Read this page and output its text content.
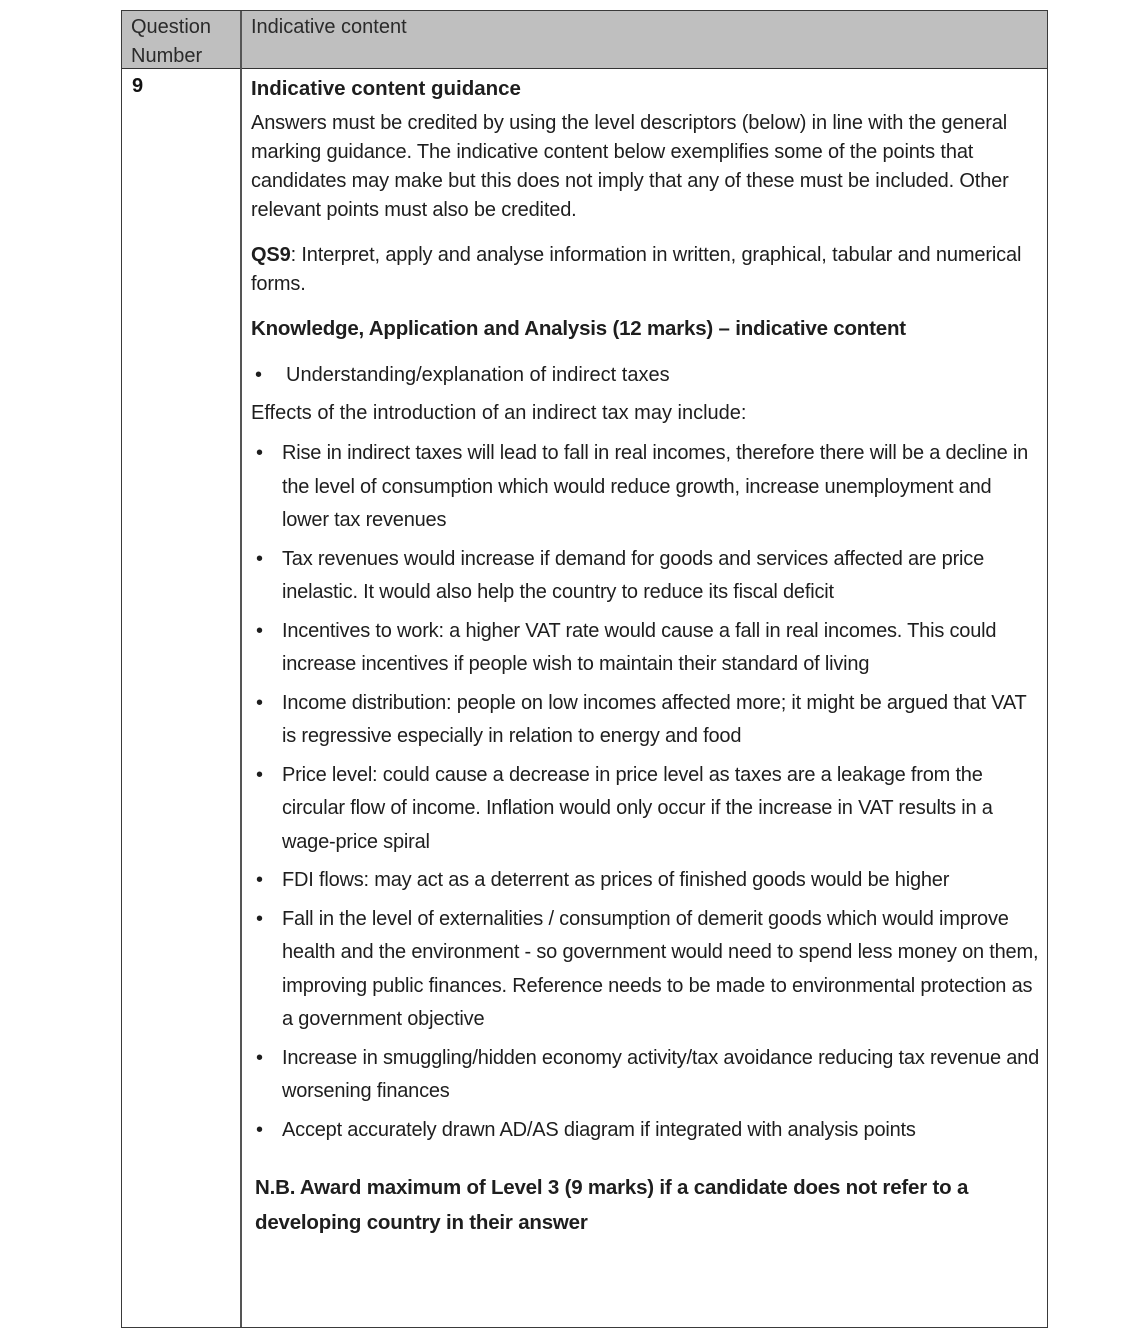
Question Number
Indicative content
9	Indicative content guidance

Answers must be credited by using the level descriptors (below) in line with the general marking guidance. The indicative content below exemplifies some of the points that candidates may make but this does not imply that any of these must be included. Other relevant points must also be credited.

QS9: Interpret, apply and analyse information in written, graphical, tabular and numerical forms.

Knowledge, Application and Analysis (12 marks) – indicative content

• Understanding/explanation of indirect taxes

Effects of the introduction of an indirect tax may include:

• Rise in indirect taxes will lead to fall in real incomes, therefore there will be a decline in the level of consumption which would reduce growth, increase unemployment and lower tax revenues
• Tax revenues would increase if demand for goods and services affected are price inelastic. It would also help the country to reduce its fiscal deficit
• Incentives to work: a higher VAT rate would cause a fall in real incomes. This could increase incentives if people wish to maintain their standard of living
• Income distribution: people on low incomes affected more; it might be argued that VAT is regressive especially in relation to energy and food
• Price level: could cause a decrease in price level as taxes are a leakage from the circular flow of income. Inflation would only occur if the increase in VAT results in a wage-price spiral
• FDI flows: may act as a deterrent as prices of finished goods would be higher
• Fall in the level of externalities / consumption of demerit goods which would improve health and the environment - so government would need to spend less money on them, improving public finances. Reference needs to be made to environmental protection as a government objective
• Increase in smuggling/hidden economy activity/tax avoidance reducing tax revenue and worsening finances
• Accept accurately drawn AD/AS diagram if integrated with analysis points

N.B. Award maximum of Level 3 (9 marks) if a candidate does not refer to a developing country in their answer
